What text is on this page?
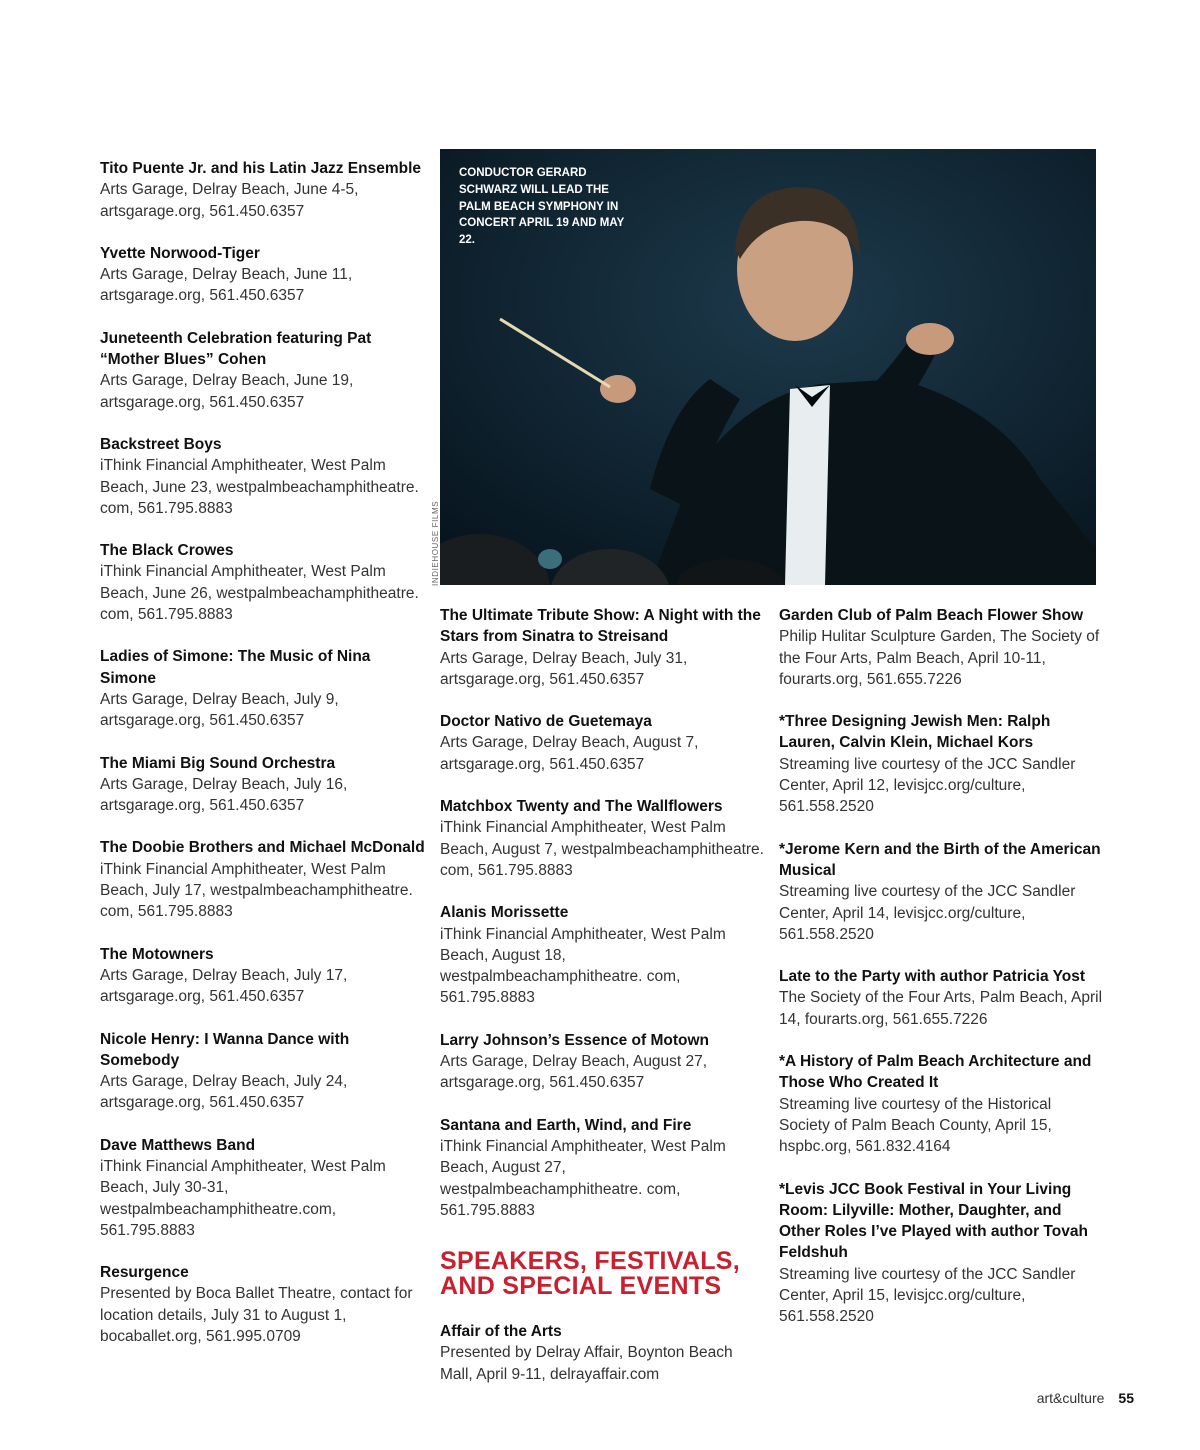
Tito Puente Jr. and his Latin Jazz Ensemble
Arts Garage, Delray Beach, June 4-5, artsgarage.org, 561.450.6357
Yvette Norwood-Tiger
Arts Garage, Delray Beach, June 11, artsgarage.org, 561.450.6357
Juneteenth Celebration featuring Pat “Mother Blues” Cohen
Arts Garage, Delray Beach, June 19, artsgarage.org, 561.450.6357
Backstreet Boys
iThink Financial Amphitheater, West Palm Beach, June 23, westpalmbeachamphitheatre. com, 561.795.8883
The Black Crowes
iThink Financial Amphitheater, West Palm Beach, June 26, westpalmbeachamphitheatre. com, 561.795.8883
Ladies of Simone: The Music of Nina Simone
Arts Garage, Delray Beach, July 9, artsgarage.org, 561.450.6357
The Miami Big Sound Orchestra
Arts Garage, Delray Beach, July 16, artsgarage.org, 561.450.6357
The Doobie Brothers and Michael McDonald
iThink Financial Amphitheater, West Palm Beach, July 17, westpalmbeachamphitheatre. com, 561.795.8883
The Motowners
Arts Garage, Delray Beach, July 17, artsgarage.org, 561.450.6357
Nicole Henry: I Wanna Dance with Somebody
Arts Garage, Delray Beach, July 24, artsgarage.org, 561.450.6357
Dave Matthews Band
iThink Financial Amphitheater, West Palm Beach, July 30-31, westpalmbeachamphitheatre.com, 561.795.8883
Resurgence
Presented by Boca Ballet Theatre, contact for location details, July 31 to August 1, bocaballet.org, 561.995.0709
CONDUCTOR GERARD SCHWARZ WILL LEAD THE PALM BEACH SYMPHONY IN CONCERT APRIL 19 AND MAY 22.
INDIEHOUSE FILMS
The Ultimate Tribute Show: A Night with the Stars from Sinatra to Streisand
Arts Garage, Delray Beach, July 31, artsgarage.org, 561.450.6357
Doctor Nativo de Guetemaya
Arts Garage, Delray Beach, August 7, artsgarage.org, 561.450.6357
Matchbox Twenty and The Wallflowers
iThink Financial Amphitheater, West Palm Beach, August 7, westpalmbeachamphitheatre. com, 561.795.8883
Alanis Morissette
iThink Financial Amphitheater, West Palm Beach, August 18, westpalmbeachamphitheatre. com, 561.795.8883
Larry Johnson’s Essence of Motown
Arts Garage, Delray Beach, August 27, artsgarage.org, 561.450.6357
Santana and Earth, Wind, and Fire
iThink Financial Amphitheater, West Palm Beach, August 27, westpalmbeachamphitheatre. com, 561.795.8883
SPEAKERS, FESTIVALS, AND SPECIAL EVENTS
Affair of the Arts
Presented by Delray Affair, Boynton Beach Mall, April 9-11, delrayaffair.com
Garden Club of Palm Beach Flower Show
Philip Hulitar Sculpture Garden, The Society of the Four Arts, Palm Beach, April 10-11, fourarts.org, 561.655.7226
*Three Designing Jewish Men: Ralph Lauren, Calvin Klein, Michael Kors
Streaming live courtesy of the JCC Sandler Center, April 12, levisjcc.org/culture, 561.558.2520
*Jerome Kern and the Birth of the American Musical
Streaming live courtesy of the JCC Sandler Center, April 14, levisjcc.org/culture, 561.558.2520
Late to the Party with author Patricia Yost
The Society of the Four Arts, Palm Beach, April 14, fourarts.org, 561.655.7226
*A History of Palm Beach Architecture and Those Who Created It
Streaming live courtesy of the Historical Society of Palm Beach County, April 15, hspbc.org, 561.832.4164
*Levis JCC Book Festival in Your Living Room: Lilyville: Mother, Daughter, and Other Roles I’ve Played with author Tovah Feldshuh
Streaming live courtesy of the JCC Sandler Center, April 15, levisjcc.org/culture, 561.558.2520
art&culture 55
